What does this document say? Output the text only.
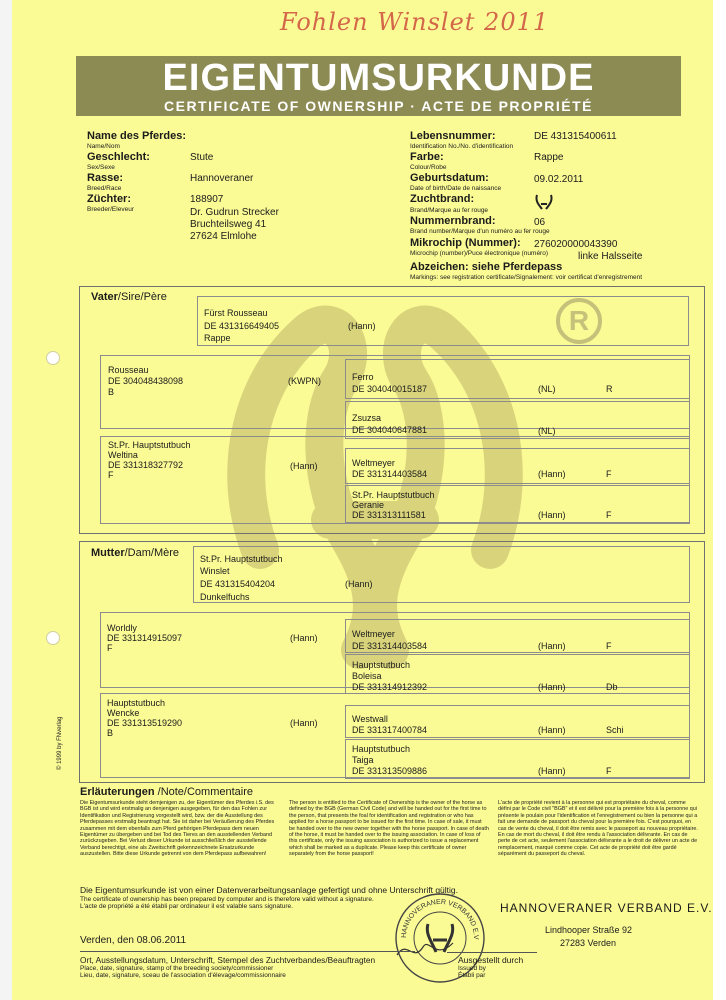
Fohlen Winslet 2011
EIGENTUMSURKUNDE
CERTIFICATE OF OWNERSHIP · ACTE DE PROPRIÉTÉ
R
Name des Pferdes:
Name/Nom
Geschlecht:
Sex/Sexe
Stute
Rasse:
Breed/Race
Hannoveraner
Züchter:
Breeder/Eleveur
188907
Dr. Gudrun Strecker
Bruchteilsweg 41
27624 Elmlohe
Lebensnummer:
Identification No./No. d'identification
DE 431315400611
Farbe:
Colour/Robe
Rappe
Geburtsdatum:
Date of birth/Date de naissance
09.02.2011
Zuchtbrand:
Brand/Marque au fer rouge
Nummernbrand:
Brand number/Marque d'un numéro au fer rouge
06
Mikrochip (Nummer): 276020000043390
Microchip (number)/Puce électronique (numéro)	linke Halsseite
Abzeichen: siehe Pferdepass
Markings: see registration certificate/Signalement: voir certificat d'enregistrement
Vater/Sire/Père
Fürst Rousseau
DE 431316649405	(Hann)
Rappe
Rousseau
DE 304048438098	(KWPN)
B
Ferro
DE 304040015187	(NL)	R
Zsuzsa
DE 304040647881	(NL)
St.Pr. Hauptstutbuch
Weltina
DE 331318327792	(Hann)
F
Weltmeyer
DE 331314403584	(Hann)	F
St.Pr. Hauptstutbuch
Geranie
DE 331313111581	(Hann)	F
Mutter/Dam/Mère St.Pr. Hauptstutbuch
Winslet
DE 431315404204	(Hann)
Dunkelfuchs
Worldly
DE 331314915097	(Hann)
F
Weltmeyer
DE 331314403584	(Hann)	F
Hauptstutbuch
Boleisa
DE 331314912392	(Hann)	Db
Hauptstutbuch
Wencke
DE 331313519290	(Hann)
B
Westwall
DE 331317400784	(Hann)	Schi
Hauptstutbuch
Taiga
DE 331313509886	(Hann)	F
© 1999 by FNverlag
Erläuterungen /Note/Commentaire
Die Eigentumsurkunde steht demjenigen zu, der Eigentümer des Pferdes i.S. des BGB ist und wird erstmalig an denjenigen ausgegeben, für den das Fohlen zur Identifikation und Registrierung vorgestellt wird, bzw. der die Ausstellung des Pferdepasses erstmalig beantragt hat. Sie ist daher bei Veräußerung des Pferdes zusammen mit dem ebenfalls zum Pferd gehörigen Pferdepass dem neuen Eigentümer zu übergeben und bei Tod des Tieres an den ausstellenden Verband zurückzugeben. Bei Verlust dieser Urkunde ist ausschließlich der ausstellende Verband berechtigt, eine als Zweitschrift gekennzeichnete Ersatzurkunde auszustellen. Bitte diese Urkunde getrennt von dem Pferdepass aufbewahren!
The person is entitled to the Certificate of Ownership is the owner of the horse as defined by the BGB (German Civil Code) and will be handed out for the first time to the person, that presents the foal for identification and registration or who has applied for a horse passport to be issued for the first time. In case of sale, it must be handed over to the new owner together with the horse passport. In case of death of the horse, it must be handed over to the issuing association. In case of loss of this certificate, only the issuing association is authorized to issue a replacement which shall be marked as a duplicate. Please keep this certificate of owner separately from the horse passport!
L'acte de propriété revient à la personne qui est propriétaire du cheval, comme défini par le Code civil "BGB" et il est délivré pour la première fois à la personne qui présente le poulain pour l'identification et l'enregistrement ou bien la personne qui a fait une demande de passport du cheval pour la première fois. C'est pourquoi, en cas de vente du cheval, il doit être remis avec le passeport au nouveau propriétaire. En cas de mort du cheval, il doit être rendu à l'association délivrante. En cas de perte de cet acte, seulement l'association délivrante a le droit de délivrer un acte de remplacement, marqué comme copie. Cet acte de propriété doit être gardé séparément du passeport du cheval.
Die Eigentumsurkunde ist von einer Datenverarbeitungsanlage gefertigt und ohne Unterschrift gültig.
The certificate of ownership has been prepared by computer and is therefore valid without a signature.
L'acte de propriété a été établi par ordinateur il est valable sans signature.
HANNOVERANER VERBAND E.V
Verden, den 08.06.2011
Ort, Ausstellungsdatum, Unterschrift, Stempel des Zuchtverbandes/Beauftragten
Place, date, signature, stamp of the breeding society/commissioner
Lieu, date, signature, sceau de l'association d'élevage/commissionnaire
Ausgestellt durch
Issued by
Établi par
HANNOVERANER VERBAND E.V.
Lindhooper Straße 92
27283 Verden
